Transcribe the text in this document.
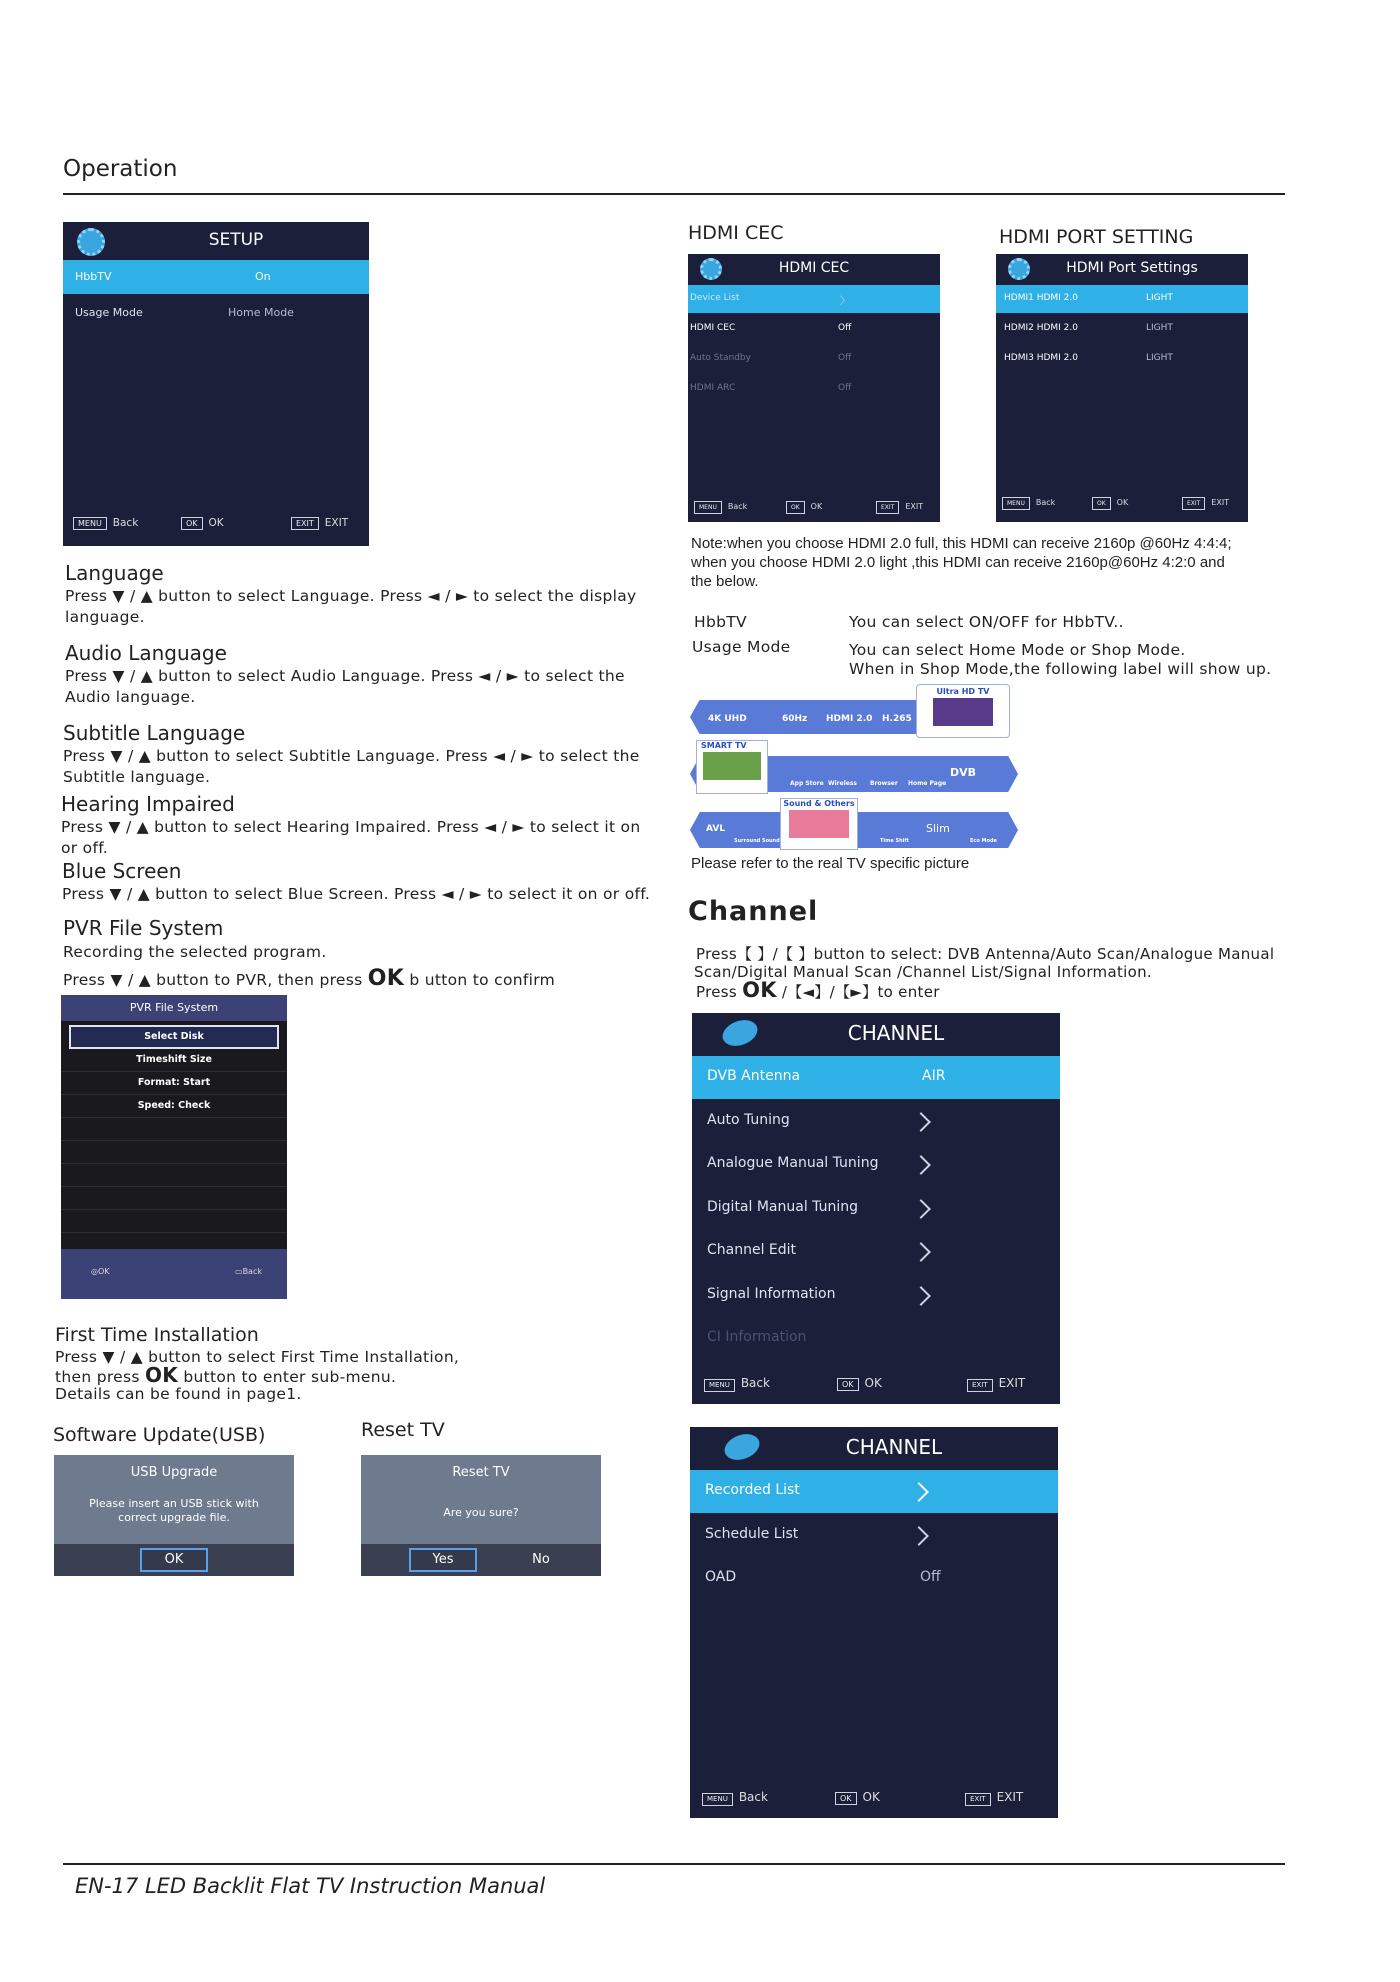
Operation
SETUP
HbbTV	On
Usage Mode	Home Mode
MENU Back	OK OK	EXIT EXIT
Language
Press ▼ / ▲ button to select Language. Press ◄ / ► to select the display language.
Audio Language
Press ▼ / ▲ button to select Audio Language. Press ◄ / ► to select the Audio language.
Subtitle Language
Press ▼ / ▲ button to select Subtitle Language. Press ◄ / ► to select the Subtitle language.
Hearing Impaired
Press ▼ / ▲ button to select Hearing Impaired. Press ◄ / ► to select it on or off.
Blue Screen
Press ▼ / ▲ button to select Blue Screen. Press ◄ / ► to select it on or off.
PVR File System
Recording the selected program.
Press ▼ / ▲ button to PVR, then press OK b utton to confirm
PVR File System
Select Disk
Timeshift Size
Format: Start
Speed: Check
◎OK	▭Back
First Time Installation
Press ▼ / ▲ button to select First Time Installation,
then press OK button to enter sub-menu.
Details can be found in page1.
Software Update(USB)	Reset TV
USB Upgrade
Please insert an USB stick with correct upgrade file.
OK
Reset TV
Are you sure?
Yes	No
HDMI CEC	HDMI PORT SETTING
HDMI CEC
Device List	〉
HDMI CEC	Off
Auto Standby	Off
HDMI ARC	Off
MENU Back	OK OK	EXIT EXIT
HDMI Port Settings
HDMI1 HDMI 2.0	LIGHT
HDMI2 HDMI 2.0	LIGHT
HDMI3 HDMI 2.0	LIGHT
MENU Back	OK OK	EXIT EXIT
Note:when you choose HDMI 2.0 full, this HDMI can receive 2160p @60Hz 4:4:4;
when you choose HDMI 2.0 light ,this HDMI can receive 2160p@60Hz 4:2:0 and
the below.
HbbTV	You can select ON/OFF for HbbTV..
Usage Mode	You can select Home Mode or Shop Mode.
When in Shop Mode,the following label will show up.
4K UHD	60Hz HDMI 2.0 H.265
Ultra HD TV
SMART TV
App Store Wireless Browser Home Page
DVB
Sound & Others
AVL
Surround Sound	Time Shift
Slim
Eco Mode
Please refer to the real TV specific picture
Channel
Press【 】/【 】button to select: DVB Antenna/Auto Scan/Analogue Manual
Scan/Digital Manual Scan /Channel List/Signal Information.
Press OK /【◄】/【►】to enter
CHANNEL
DVB Antenna	AIR
Auto Tuning
Analogue Manual Tuning
Digital Manual Tuning
Channel Edit
Signal Information
CI Information
MENU Back	OK OK	EXIT EXIT
CHANNEL
Recorded List
Schedule List
OAD	Off
MENU Back	OK OK	EXIT EXIT
EN-17 LED Backlit Flat TV Instruction Manual
